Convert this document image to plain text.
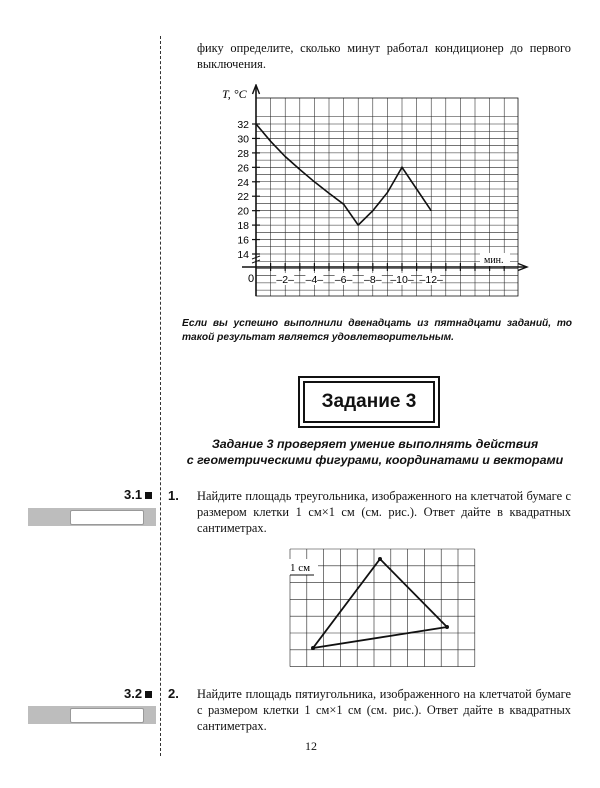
фику определите, сколько минут работал кондиционер до первого выключения.
32
30
28
26
24
22
20
18
16
14
–2– –4– –6– –8– –10– –12–
T, °C
мин.
0
Если вы успешно выполнили двенадцать из пятнадцати заданий, то такой результат является удовлетворительным.
Задание 3
Задание 3 проверяет умение выполнять действия
с геометрическими фигурами, координатами и векторами
3.1	1. Найдите площадь треугольника, изображенного на клетчатой бумаге с размером клетки 1 см×1 см (см. рис.). Ответ дайте в квадратных сантиметрах.
1 см
3.2	2. Найдите площадь пятиугольника, изображенного на клетчатой бумаге с размером клетки 1 см×1 см (см. рис.). Ответ дайте в квадратных сантиметрах.
12
